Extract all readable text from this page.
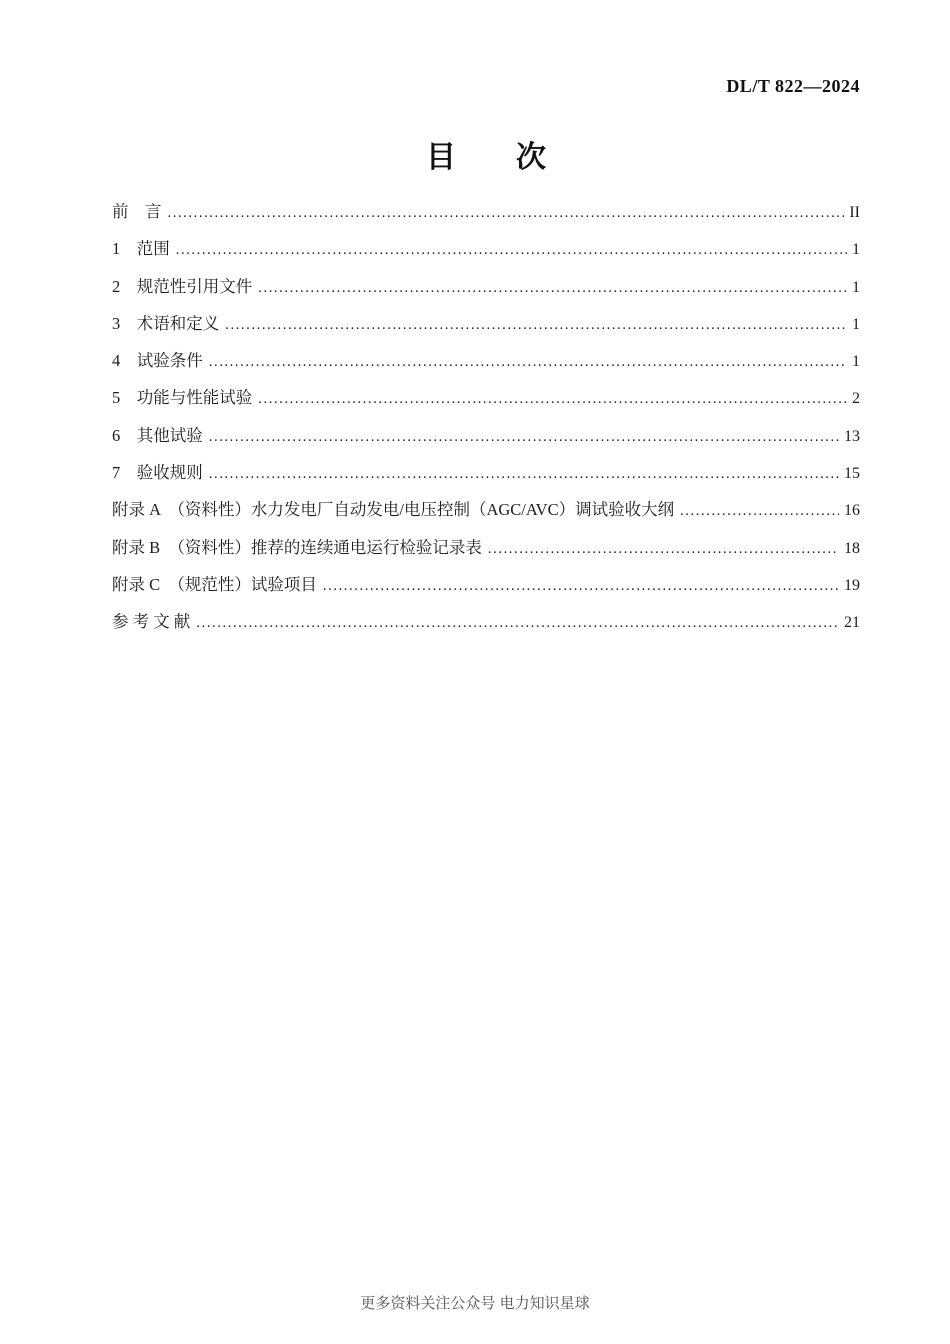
DL/T 822—2024
目　　次
前　言 .....	II
1　范围 .....	1
2　规范性引用文件 .....	1
3　术语和定义 .....	1
4　试验条件 .....	1
5　功能与性能试验 .....	2
6　其他试验 .....	13
7　验收规则 .....	15
附录 A　（资料性）水力发电厂自动发电/电压控制（AGC/AVC）调试验收大纲 .....	16
附录 B　（资料性）推荐的连续通电运行检验记录表 .....	18
附录 C　（规范性）试验项目 .....	19
参 考 文 献 .....	21
更多资料关注公众号 电力知识星球
